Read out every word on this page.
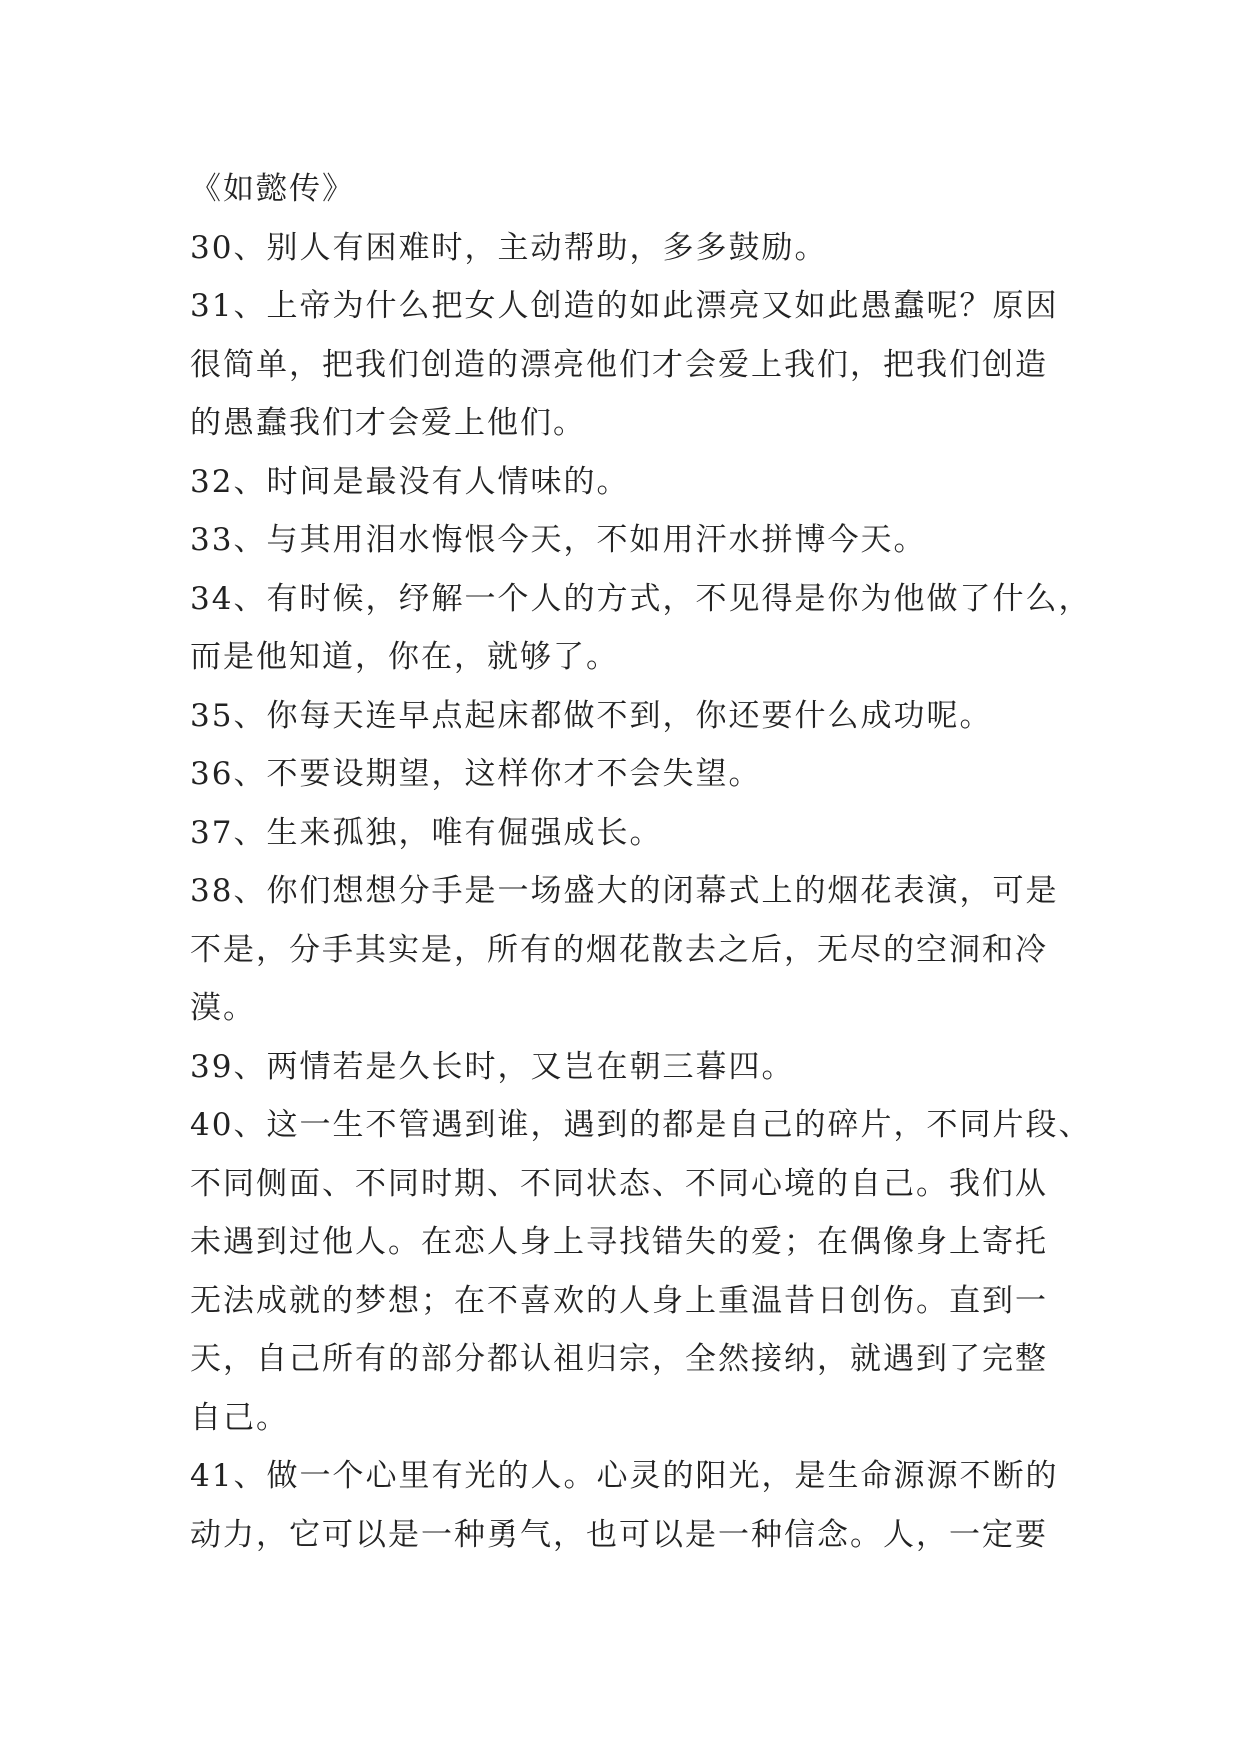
《如懿传》
30、别人有困难时，主动帮助，多多鼓励。
31、上帝为什么把女人创造的如此漂亮又如此愚蠢呢？原因
很简单，把我们创造的漂亮他们才会爱上我们，把我们创造
的愚蠢我们才会爱上他们。
32、时间是最没有人情味的。
33、与其用泪水悔恨今天，不如用汗水拼博今天。
34、有时候，纾解一个人的方式，不见得是你为他做了什么，
而是他知道，你在，就够了。
35、你每天连早点起床都做不到，你还要什么成功呢。
36、不要设期望，这样你才不会失望。
37、生来孤独，唯有倔强成长。
38、你们想想分手是一场盛大的闭幕式上的烟花表演，可是
不是，分手其实是，所有的烟花散去之后，无尽的空洞和冷
漠。
39、两情若是久长时，又岂在朝三暮四。
40、这一生不管遇到谁，遇到的都是自己的碎片，不同片段、
不同侧面、不同时期、不同状态、不同心境的自己。我们从
未遇到过他人。在恋人身上寻找错失的爱；在偶像身上寄托
无法成就的梦想；在不喜欢的人身上重温昔日创伤。直到一
天，自己所有的部分都认祖归宗，全然接纳，就遇到了完整
自己。
41、做一个心里有光的人。心灵的阳光，是生命源源不断的
动力，它可以是一种勇气，也可以是一种信念。人，一定要
